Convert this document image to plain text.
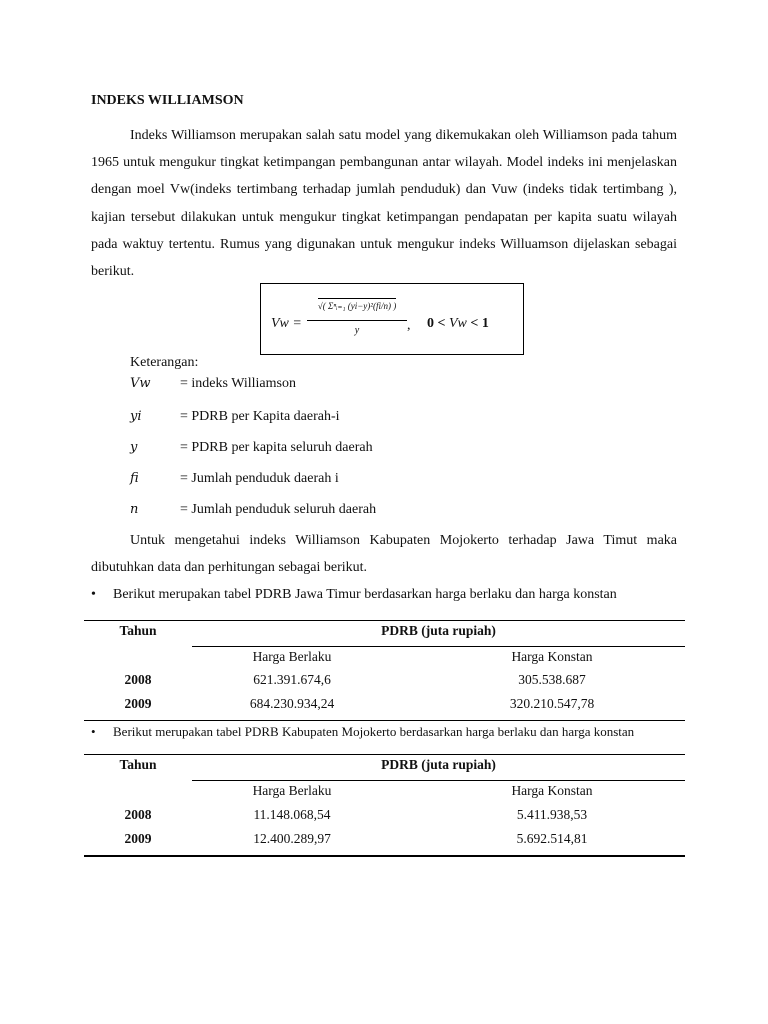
INDEKS WILLIAMSON
Indeks Williamson merupakan salah satu model yang dikemukakan oleh Williamson pada tahum 1965 untuk mengukur tingkat ketimpangan pembangunan antar wilayah. Model indeks ini menjelaskan dengan moel Vw(indeks tertimbang terhadap jumlah penduduk) dan Vuw (indeks tidak tertimbang ), kajian tersebut dilakukan untuk mengukur tingkat ketimpangan pendapatan per kapita suatu wilayah pada waktuy tertentu. Rumus yang digunakan untuk mengukur indeks Willuamson dijelaskan sebagai berikut.
Vw =
√( Σⁿᵢ₌₁ (yi−y)²(fi/n) )
y	, 0 < Vw < 1
Keterangan:
Vw = indeks Williamson
yi	= PDRB per Kapita daerah-i
y	= PDRB per kapita seluruh daerah
fi	= Jumlah penduduk daerah i
n	= Jumlah penduduk seluruh daerah
Untuk mengetahui indeks Williamson Kabupaten Mojokerto terhadap Jawa Timut maka dibutuhkan data dan perhitungan sebagai berikut.
• Berikut merupakan tabel PDRB Jawa Timur berdasarkan harga berlaku dan harga konstan
Tahun	PDRB (juta rupiah)
Harga Berlaku	Harga Konstan
2008	621.391.674,6	305.538.687
2009	684.230.934,24	320.210.547,78
• Berikut merupakan tabel PDRB Kabupaten Mojokerto berdasarkan harga berlaku dan harga konstan
Tahun	PDRB (juta rupiah)
Harga Berlaku	Harga Konstan
2008	11.148.068,54	5.411.938,53
2009	12.400.289,97	5.692.514,81
